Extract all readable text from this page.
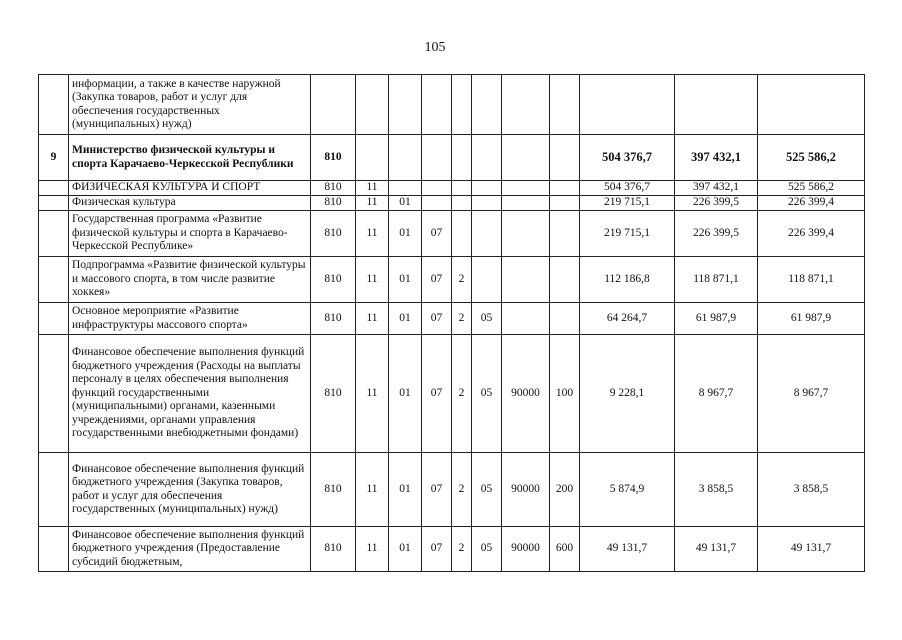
105
	информации, а также в качестве наружной (Закупка товаров, работ и услуг для обеспечения государственных (муниципальных) нужд)											
9	Министерство физической культуры и спорта Карачаево-Черкесской Республики	810								504 376,7	397 432,1	525 586,2
	ФИЗИЧЕСКАЯ КУЛЬТУРА И СПОРТ	810	11							504 376,7	397 432,1	525 586,2
	Физическая культура	810	11	01						219 715,1	226 399,5	226 399,4
	Государственная программа «Развитие физической культуры и спорта в Карачаево-Черкесской Республике»	810	11	01	07					219 715,1	226 399,5	226 399,4
	Подпрограмма «Развитие физической культуры и массового спорта, в том числе развитие хоккея»	810	11	01	07	2				112 186,8	118 871,1	118 871,1
	Основное мероприятие «Развитие инфраструктуры массового спорта»	810	11	01	07	2	05			64 264,7	61 987,9	61 987,9
	Финансовое обеспечение выполнения функций бюджетного учреждения (Расходы на выплаты персоналу в целях обеспечения выполнения функций государственными (муниципальными) органами, казенными учреждениями, органами управления государственными внебюджетными фондами)	810	11	01	07	2	05	90000	100	9 228,1	8 967,7	8 967,7
	Финансовое обеспечение выполнения функций бюджетного учреждения (Закупка товаров, работ и услуг для обеспечения государственных (муниципальных) нужд)	810	11	01	07	2	05	90000	200	5 874,9	3 858,5	3 858,5
	Финансовое обеспечение выполнения функций бюджетного учреждения (Предоставление субсидий бюджетным,	810	11	01	07	2	05	90000	600	49 131,7	49 131,7	49 131,7
